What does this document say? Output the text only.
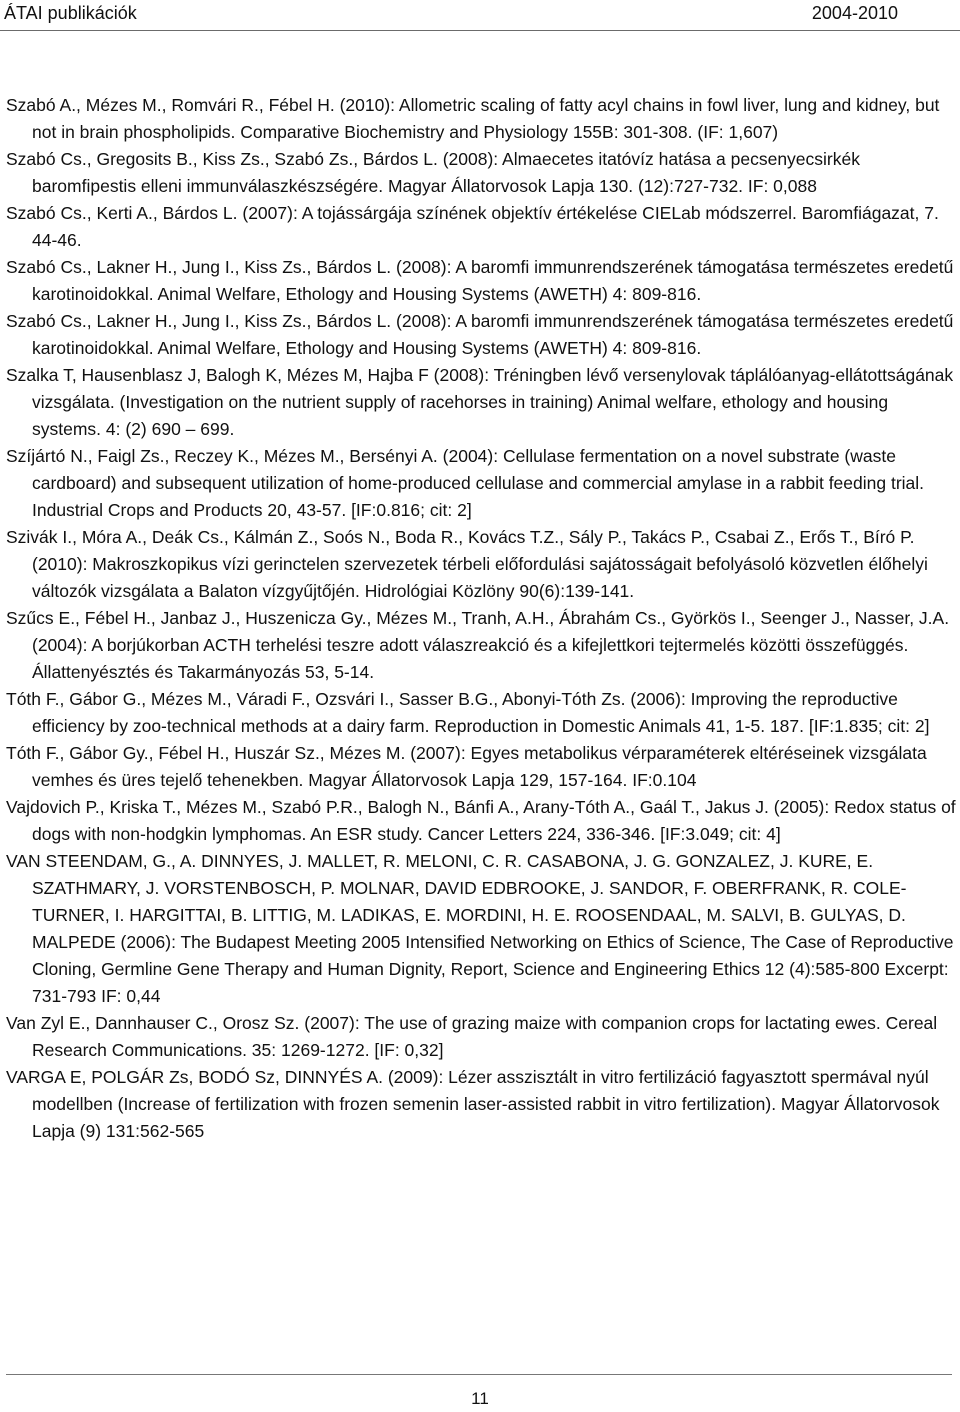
ÁTAI publikációk	2004-2010

Szabó A., Mézes M., Romvári R., Fébel H. (2010): Allometric scaling of fatty acyl chains in fowl liver, lung and kidney, but not in brain phospholipids. Comparative Biochemistry and Physiology 155B: 301-308. (IF: 1,607)

Szabó Cs., Gregosits B., Kiss Zs., Szabó Zs., Bárdos L. (2008): Almaecetes itatóvíz hatása a pecsenyecsirkék baromfipestis elleni immunválaszkészségére. Magyar Állatorvosok Lapja 130. (12):727-732. IF: 0,088

Szabó Cs., Kerti A., Bárdos L. (2007): A tojássárgája színének objektív értékelése CIELab módszerrel. Baromfiágazat, 7. 44-46.

Szabó Cs., Lakner H., Jung I., Kiss Zs., Bárdos L. (2008): A baromfi immunrendszerének támogatása természetes eredetű karotinoidokkal. Animal Welfare, Ethology and Housing Systems (AWETH) 4: 809-816.

Szabó Cs., Lakner H., Jung I., Kiss Zs., Bárdos L. (2008): A baromfi immunrendszerének támogatása természetes eredetű karotinoidokkal. Animal Welfare, Ethology and Housing Systems (AWETH) 4: 809-816.

Szalka T, Hausenblasz J, Balogh K, Mézes M, Hajba F (2008): Tréningben lévő versenylovak táplálóanyag-ellátottságának vizsgálata. (Investigation on the nutrient supply of racehorses in training) Animal welfare, ethology and housing systems. 4: (2) 690 – 699.

Szíjártó N., Faigl Zs., Reczey K., Mézes M., Bersényi A. (2004): Cellulase fermentation on a novel substrate (waste cardboard) and subsequent utilization of home-produced cellulase and commercial amylase in a rabbit feeding trial. Industrial Crops and Products 20, 43-57. [IF:0.816; cit: 2]

Szivák I., Móra A., Deák Cs., Kálmán Z., Soós N., Boda R., Kovács T.Z., Sály P., Takács P., Csabai Z., Erős T., Bíró P. (2010): Makroszkopikus vízi gerinctelen szervezetek térbeli előfordulási sajátosságait befolyásoló közvetlen élőhelyi változók vizsgálata a Balaton vízgyűjtőjén. Hidrológiai Közlöny 90(6):139-141.

Szűcs E., Fébel H., Janbaz J., Huszenicza Gy., Mézes M., Tranh, A.H., Ábrahám Cs., Györkös I., Seenger J., Nasser, J.A. (2004): A borjúkorban ACTH terhelési teszre adott válaszreakció és a kifejlettkori tejtermelés közötti összefüggés. Állattenyésztés és Takarmányozás 53, 5-14.

Tóth F., Gábor G., Mézes M., Váradi F., Ozsvári I., Sasser B.G., Abonyi-Tóth Zs. (2006): Improving the reproductive efficiency by zoo-technical methods at a dairy farm. Reproduction in Domestic Animals 41, 1-5. 187. [IF:1.835; cit: 2]

Tóth F., Gábor Gy., Fébel H., Huszár Sz., Mézes M. (2007): Egyes metabolikus vérparaméterek eltéréseinek vizsgálata vemhes és üres tejelő tehenekben. Magyar Állatorvosok Lapja 129, 157-164. IF:0.104

Vajdovich P., Kriska T., Mézes M., Szabó P.R., Balogh N., Bánfi A., Arany-Tóth A., Gaál T., Jakus J. (2005): Redox status of dogs with non-hodgkin lymphomas. An ESR study. Cancer Letters 224, 336-346. [IF:3.049; cit: 4]

VAN STEENDAM, G., A. DINNYES, J. MALLET, R. MELONI, C. R. CASABONA, J. G. GONZALEZ, J. KURE, E. SZATHMARY, J. VORSTENBOSCH, P. MOLNAR, DAVID EDBROOKE, J. SANDOR, F. OBERFRANK, R. COLE-TURNER, I. HARGITTAI, B. LITTIG, M. LADIKAS, E. MORDINI, H. E. ROOSENDAAL, M. SALVI, B. GULYAS, D. MALPEDE (2006): The Budapest Meeting 2005 Intensified Networking on Ethics of Science, The Case of Reproductive Cloning, Germline Gene Therapy and Human Dignity, Report, Science and Engineering Ethics 12 (4):585-800 Excerpt: 731-793 IF: 0,44

Van Zyl E., Dannhauser C., Orosz Sz. (2007): The use of grazing maize with companion crops for lactating ewes. Cereal Research Communications. 35: 1269-1272. [IF: 0,32]

VARGA E, POLGÁR Zs, BODÓ Sz, DINNYÉS A. (2009): Lézer asszisztált in vitro fertilizáció fagyasztott spermával nyúl modellben (Increase of fertilization with frozen semenin laser-assisted rabbit in vitro fertilization). Magyar Állatorvosok Lapja (9) 131:562-565

11
